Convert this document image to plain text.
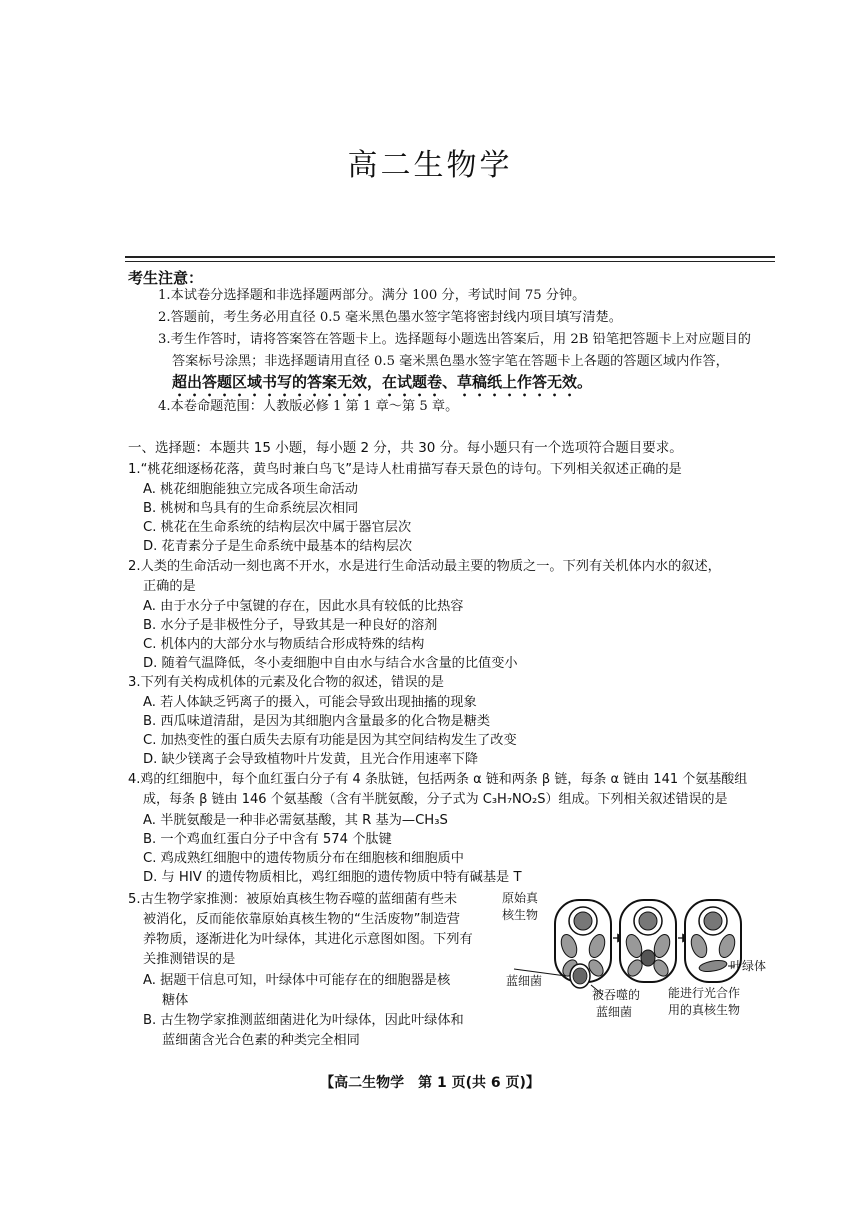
高二生物学
考生注意：
1.本试卷分选择题和非选择题两部分。满分 100 分，考试时间 75 分钟。
2.答题前，考生务必用直径 0.5 毫米黑色墨水签字笔将密封线内项目填写清楚。
3.考生作答时，请将答案答在答题卡上。选择题每小题选出答案后，用 2B 铅笔把答题卡上对应题目的
答案标号涂黑；非选择题请用直径 0.5 毫米黑色墨水签字笔在答题卡上各题的答题区域内作答，
超出答题区域书写的答案无效，在试题卷、草稿纸上作答无效。
4.本卷命题范围：人教版必修 1 第 1 章～第 5 章。
一、选择题：本题共 15 小题，每小题 2 分，共 30 分。每小题只有一个选项符合题目要求。
1.“桃花细逐杨花落，黄鸟时兼白鸟飞”是诗人杜甫描写春天景色的诗句。下列相关叙述正确的是
A. 桃花细胞能独立完成各项生命活动
B. 桃树和鸟具有的生命系统层次相同
C. 桃花在生命系统的结构层次中属于器官层次
D. 花青素分子是生命系统中最基本的结构层次
2.人类的生命活动一刻也离不开水，水是进行生命活动最主要的物质之一。下列有关机体内水的叙述，
正确的是
A. 由于水分子中氢键的存在，因此水具有较低的比热容
B. 水分子是非极性分子，导致其是一种良好的溶剂
C. 机体内的大部分水与物质结合形成特殊的结构
D. 随着气温降低，冬小麦细胞中自由水与结合水含量的比值变小
3.下列有关构成机体的元素及化合物的叙述，错误的是
A. 若人体缺乏钙离子的摄入，可能会导致出现抽搐的现象
B. 西瓜味道清甜，是因为其细胞内含量最多的化合物是糖类
C. 加热变性的蛋白质失去原有功能是因为其空间结构发生了改变
D. 缺少镁离子会导致植物叶片发黄，且光合作用速率下降
4.鸡的红细胞中，每个血红蛋白分子有 4 条肽链，包括两条 α 链和两条 β 链，每条 α 链由 141 个氨基酸组
成，每条 β 链由 146 个氨基酸（含有半胱氨酸，分子式为 C₃H₇NO₂S）组成。下列相关叙述错误的是
A. 半胱氨酸是一种非必需氨基酸，其 R 基为—CH₃S
B. 一个鸡血红蛋白分子中含有 574 个肽键
C. 鸡成熟红细胞中的遗传物质分布在细胞核和细胞质中
D. 与 HIV 的遗传物质相比，鸡红细胞的遗传物质中特有碱基是 T
5.古生物学家推测：被原始真核生物吞噬的蓝细菌有些未
被消化，反而能依靠原始真核生物的“生活废物”制造营
养物质，逐渐进化为叶绿体，其进化示意图如图。下列有
关推测错误的是
A. 据题干信息可知，叶绿体中可能存在的细胞器是核
糖体
B. 古生物学家推测蓝细菌进化为叶绿体，因此叶绿体和
蓝细菌含光合色素的种类完全相同
原始真
核生物
叶绿体
蓝细菌
被吞噬的
蓝细菌
能进行光合作
用的真核生物
【高二生物学　第 1 页(共 6 页)】
